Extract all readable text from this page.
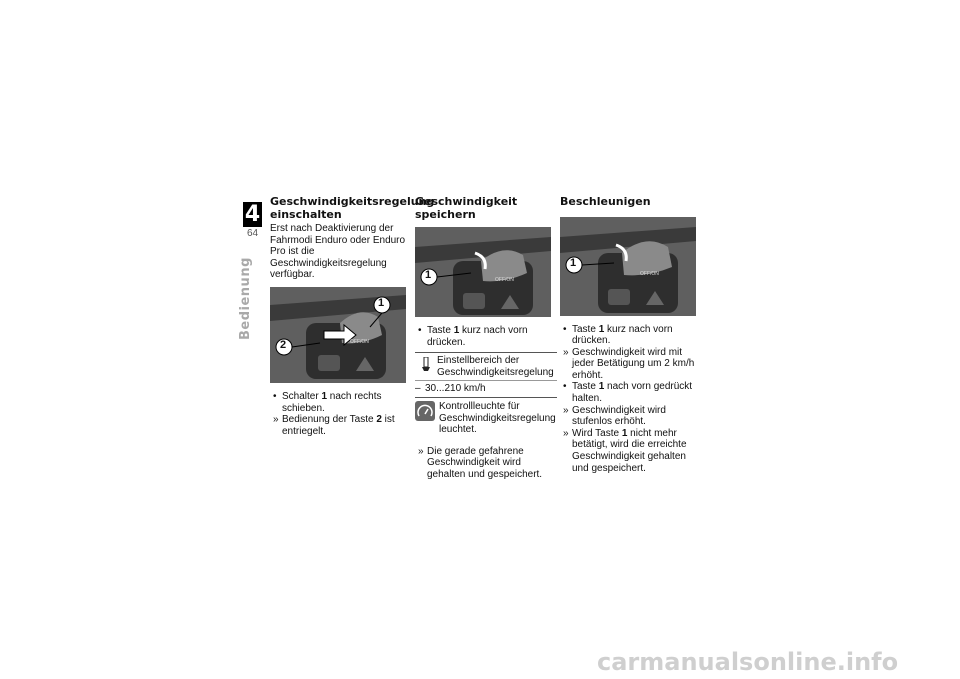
4
64
Bedienung
Geschwindigkeitsregelung einschalten

Erst nach Deaktivierung der Fahrmodi Enduro oder Enduro Pro ist die Geschwindigkeitsregelung verfügbar.

1
2	OFF/ON
• Schalter 1 nach rechts schieben.
» Bedienung der Taste 2 ist entriegelt.
Geschwindigkeit speichern
1	OFF/ON
• Taste 1 kurz nach vorn drücken.
Einstellbereich der Geschwindigkeitsregelung
– 30...210 km/h
Kontrollleuchte für Geschwindigkeitsregelung leuchtet.
» Die gerade gefahrene Geschwindigkeit wird gehalten und gespeichert.
Beschleunigen
1
OFF/ON
• Taste 1 kurz nach vorn drücken.
» Geschwindigkeit wird mit jeder Betätigung um 2 km/h erhöht.
• Taste 1 nach vorn gedrückt halten.
» Geschwindigkeit wird stufenlos erhöht.
» Wird Taste 1 nicht mehr betätigt, wird die erreichte Geschwindigkeit gehalten und gespeichert.
carmanualsonline.info
